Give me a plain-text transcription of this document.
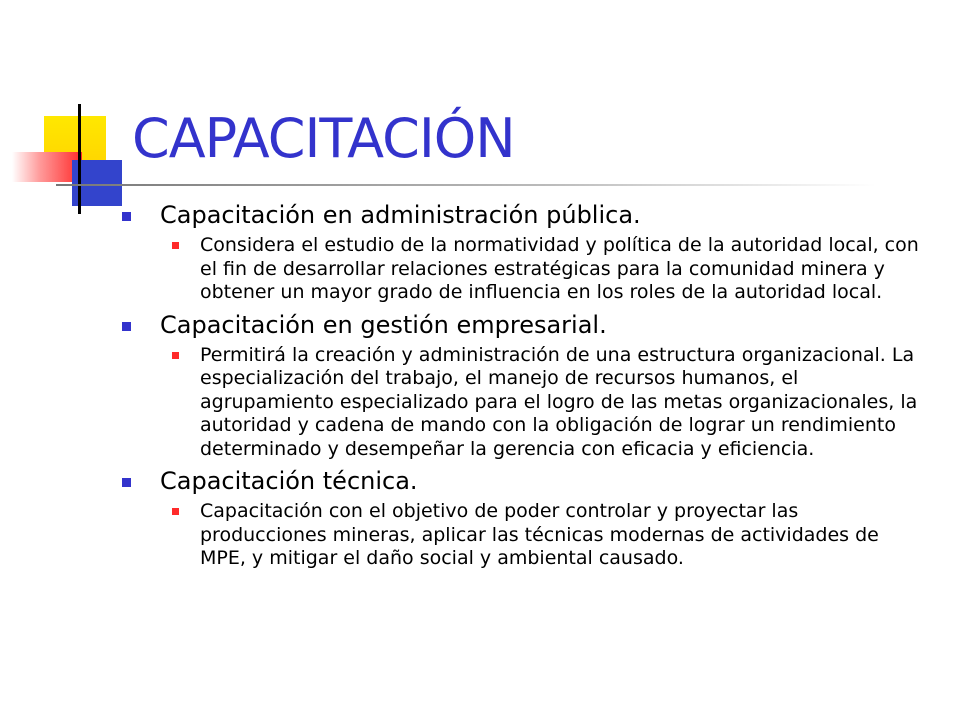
CAPACITACIÓN
Capacitación en administración pública.
Considera el estudio de la normatividad y política de la autoridad local, con el fin de desarrollar relaciones estratégicas para la comunidad minera y obtener un mayor grado de influencia en los roles de la autoridad local.
Capacitación en gestión empresarial.
Permitirá la creación y administración de una estructura organizacional. La especialización del trabajo, el manejo de recursos humanos, el agrupamiento especializado para el logro de las metas organizacionales, la autoridad y cadena de mando con la obligación de lograr un rendimiento determinado y desempeñar la gerencia con eficacia y eficiencia.
Capacitación técnica.
Capacitación con el objetivo de poder controlar y proyectar las producciones mineras, aplicar las técnicas modernas de actividades de MPE, y mitigar el daño social y ambiental causado.
